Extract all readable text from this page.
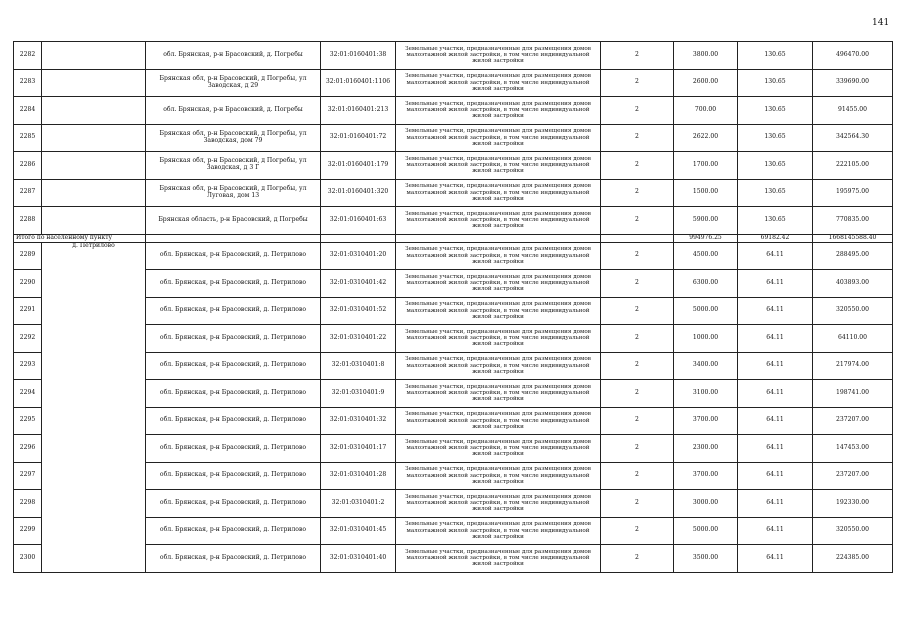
141
2282		обл. Брянская, р-н Брасовский, д. Погребы	32:01:0160401:38	Земельные участки, предназначенные для размещения домов
малоэтажной жилой застройки, в том числе индивидуальной
жилой застройки	2	3800.00	130.65	496470.00
2283		Брянская обл, р-н Брасовский, д Погребы, ул Заводская, д 29	32:01:0160401:1106	Земельные участки, предназначенные для размещения домов
малоэтажной жилой застройки, в том числе индивидуальной
жилой застройки	2	2600.00	130.65	339690.00
2284		обл. Брянская, р-н Брасовский, д. Погребы	32:01:0160401:213	Земельные участки, предназначенные для размещения домов
малоэтажной жилой застройки, в том числе индивидуальной
жилой застройки	2	700.00	130.65	91455.00
2285		Брянская обл, р-н Брасовский, д Погребы, ул Заводская, дом 79	32:01:0160401:72	Земельные участки, предназначенные для размещения домов
малоэтажной жилой застройки, в том числе индивидуальной
жилой застройки	2	2622.00	130.65	342564.30
2286		Брянская обл, р-н Брасовский, д Погребы, ул Заводская, д 3 Г	32:01:0160401:179	Земельные участки, предназначенные для размещения домов
малоэтажной жилой застройки, в том числе индивидуальной
жилой застройки	2	1700.00	130.65	222105.00
2287		Брянская обл, р-н Брасовский, д Погребы, ул Луговая, дом 13	32:01:0160401:320	Земельные участки, предназначенные для размещения домов
малоэтажной жилой застройки, в том числе индивидуальной
жилой застройки	2	1500.00	130.65	195975.00
2288		Брянская область, р-н Брасовский, д Погребы	32:01:0160401:63	Земельные участки, предназначенные для размещения домов
малоэтажной жилой застройки, в том числе индивидуальной
жилой застройки	2	5900.00	130.65	770835.00
Итого по населенному пункту						994976.25	69182.42	1668145588.40
2289	д. Петрилово	обл. Брянская, р-н Брасовский, д. Петрилово	32:01:0310401:20	Земельные участки, предназначенные для размещения домов
малоэтажной жилой застройки, в том числе индивидуальной
жилой застройки	2	4500.00	64.11	288495.00
2290		обл. Брянская, р-н Брасовский, д. Петрилово	32:01:0310401:42	Земельные участки, предназначенные для размещения домов
малоэтажной жилой застройки, в том числе индивидуальной
жилой застройки	2	6300.00	64.11	403893.00
2291		обл. Брянская, р-н Брасовский, д. Петрилово	32:01:0310401:52	Земельные участки, предназначенные для размещения домов
малоэтажной жилой застройки, в том числе индивидуальной
жилой застройки	2	5000.00	64.11	320550.00
2292		обл. Брянская, р-н Брасовский, д. Петрилово	32:01:0310401:22	Земельные участки, предназначенные для размещения домов
малоэтажной жилой застройки, в том числе индивидуальной
жилой застройки	2	1000.00	64.11	64110.00
2293		обл. Брянская, р-н Брасовский, д. Петрилово	32:01:0310401:8	Земельные участки, предназначенные для размещения домов
малоэтажной жилой застройки, в том числе индивидуальной
жилой застройки	2	3400.00	64.11	217974.00
2294		обл. Брянская, р-н Брасовский, д. Петрилово	32:01:0310401:9	Земельные участки, предназначенные для размещения домов
малоэтажной жилой застройки, в том числе индивидуальной
жилой застройки	2	3100.00	64.11	198741.00
2295		обл. Брянская, р-н Брасовский, д. Петрилово	32:01:0310401:32	Земельные участки, предназначенные для размещения домов
малоэтажной жилой застройки, в том числе индивидуальной
жилой застройки	2	3700.00	64.11	237207.00
2296		обл. Брянская, р-н Брасовский, д. Петрилово	32:01:0310401:17	Земельные участки, предназначенные для размещения домов
малоэтажной жилой застройки, в том числе индивидуальной
жилой застройки	2	2300.00	64.11	147453.00
2297		обл. Брянская, р-н Брасовский, д. Петрилово	32:01:0310401:28	Земельные участки, предназначенные для размещения домов
малоэтажной жилой застройки, в том числе индивидуальной
жилой застройки	2	3700.00	64.11	237207.00
2298		обл. Брянская, р-н Брасовский, д. Петрилово	32:01:0310401:2	Земельные участки, предназначенные для размещения домов
малоэтажной жилой застройки, в том числе индивидуальной
жилой застройки	2	3000.00	64.11	192330.00
2299		обл. Брянская, р-н Брасовский, д. Петрилово	32:01:0310401:45	Земельные участки, предназначенные для размещения домов
малоэтажной жилой застройки, в том числе индивидуальной
жилой застройки	2	5000.00	64.11	320550.00
2300		обл. Брянская, р-н Брасовский, д. Петрилово	32:01:0310401:40	Земельные участки, предназначенные для размещения домов
малоэтажной жилой застройки, в том числе индивидуальной
жилой застройки	2	3500.00	64.11	224385.00
